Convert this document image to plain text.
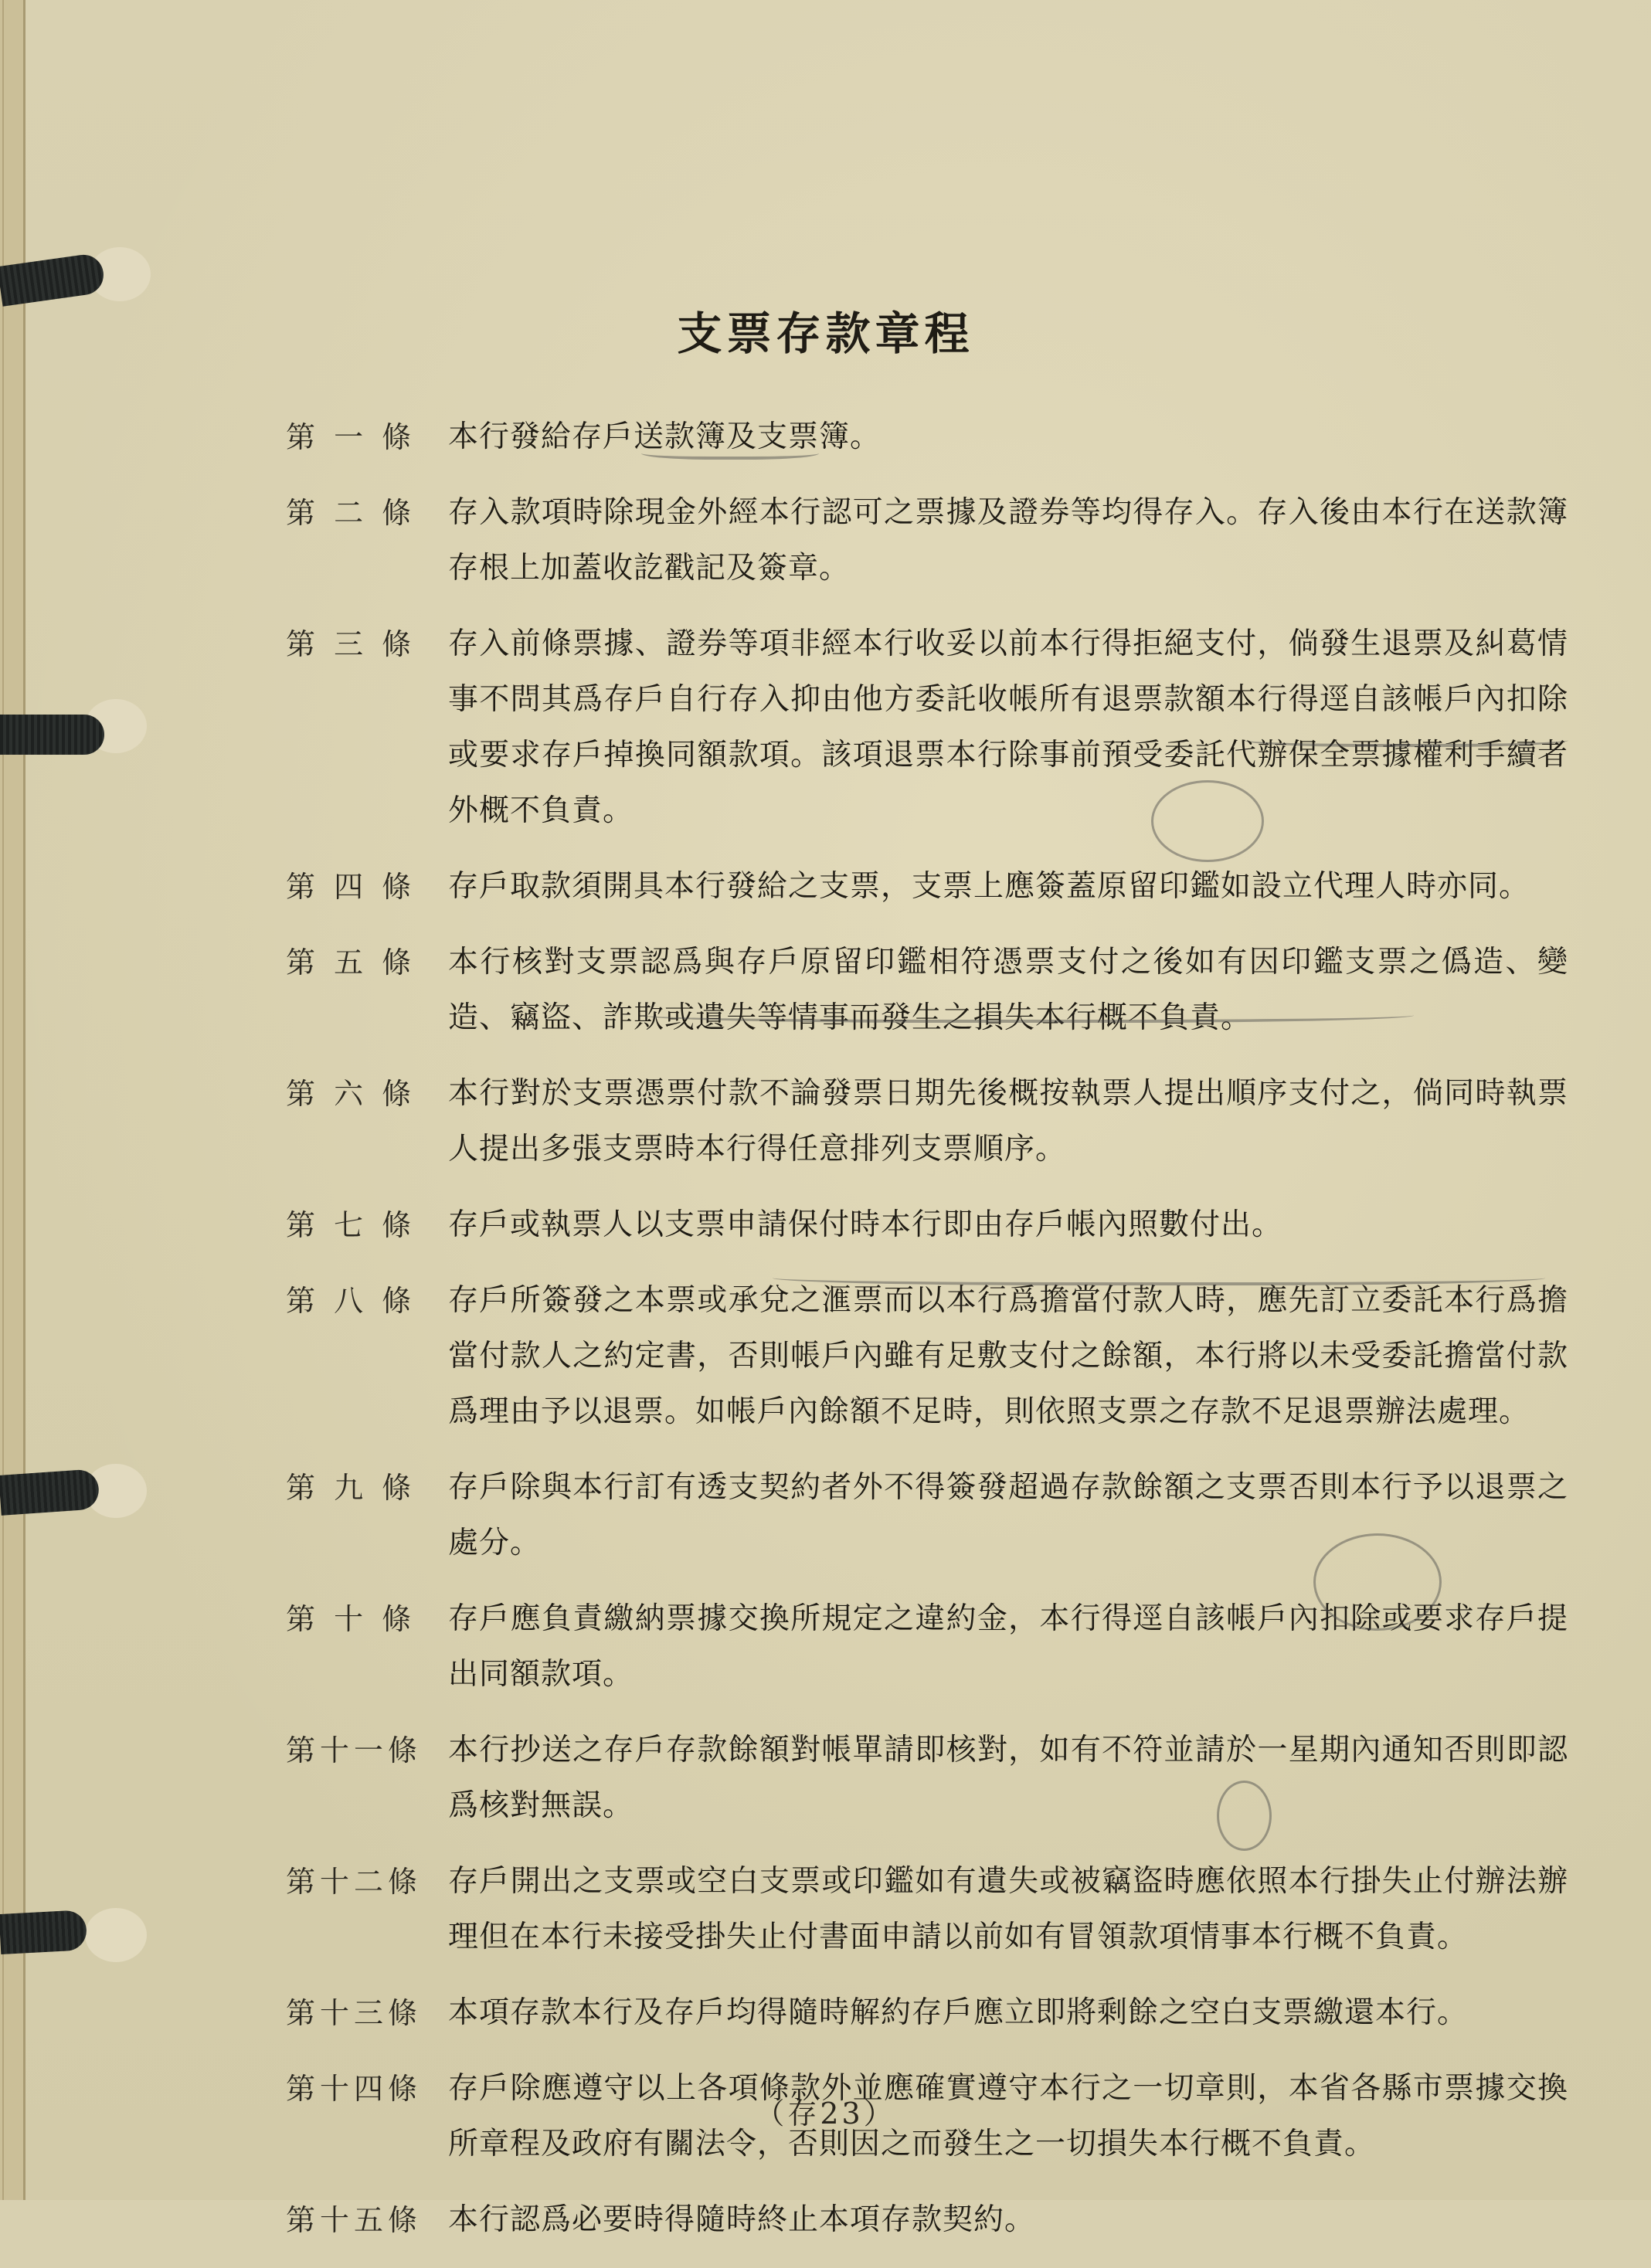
支票存款章程
第 一 條	本行發給存戶送款簿及支票簿。
第 二 條	存入款項時除現金外經本行認可之票據及證券等均得存入。存入後由本行在送款簿存根上加蓋收訖戳記及簽章。
第 三 條	存入前條票據、證券等項非經本行收妥以前本行得拒絕支付，倘發生退票及糾葛情事不問其爲存戶自行存入抑由他方委託收帳所有退票款額本行得逕自該帳戶內扣除或要求存戶掉換同額款項。該項退票本行除事前預受委託代辦保全票據權利手續者外概不負責。
第 四 條	存戶取款須開具本行發給之支票，支票上應簽蓋原留印鑑如設立代理人時亦同。
第 五 條	本行核對支票認爲與存戶原留印鑑相符憑票支付之後如有因印鑑支票之僞造、變造、竊盜、詐欺或遺失等情事而發生之損失本行概不負責。
第 六 條	本行對於支票憑票付款不論發票日期先後概按執票人提出順序支付之，倘同時執票人提出多張支票時本行得任意排列支票順序。
第 七 條	存戶或執票人以支票申請保付時本行即由存戶帳內照數付出。
第 八 條	存戶所簽發之本票或承兌之滙票而以本行爲擔當付款人時，應先訂立委託本行爲擔當付款人之約定書，否則帳戶內雖有足敷支付之餘額，本行將以未受委託擔當付款爲理由予以退票。如帳戶內餘額不足時，則依照支票之存款不足退票辦法處理。
第 九 條	存戶除與本行訂有透支契約者外不得簽發超過存款餘額之支票否則本行予以退票之處分。
第 十 條	存戶應負責繳納票據交換所規定之違約金，本行得逕自該帳戶內扣除或要求存戶提出同額款項。
第十一條 本行抄送之存戶存款餘額對帳單請即核對，如有不符並請於一星期內通知否則即認爲核對無誤。
第十二條 存戶開出之支票或空白支票或印鑑如有遺失或被竊盜時應依照本行掛失止付辦法辦理但在本行未接受掛失止付書面申請以前如有冒領款項情事本行概不負責。
第十三條 本項存款本行及存戶均得隨時解約存戶應立即將剩餘之空白支票繳還本行。
第十四條 存戶除應遵守以上各項條款外並應確實遵守本行之一切章則，本省各縣市票據交換所章程及政府有關法令，否則因之而發生之一切損失本行概不負責。
第十五條 本行認爲必要時得隨時終止本項存款契約。
（存23）
